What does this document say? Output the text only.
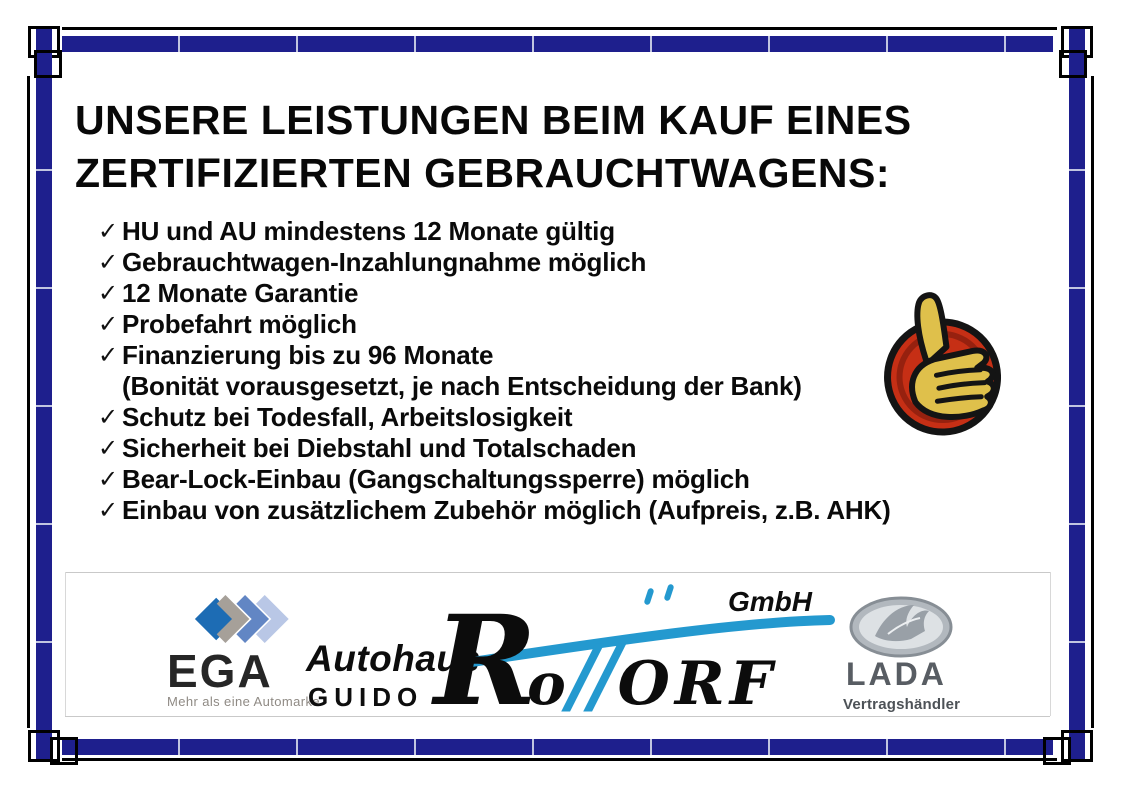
UNSERE LEISTUNGEN BEIM KAUF EINES
ZERTIFIZIERTEN GEBRAUCHTWAGENS:
✓ HU und AU mindestens 12 Monate gültig
✓ Gebrauchtwagen-Inzahlungnahme möglich
✓ 12 Monate Garantie
✓ Probefahrt möglich
✓ Finanzierung bis zu 96 Monate
(Bonität vorausgesetzt, je nach Entscheidung der Bank)
✓ Schutz bei Todesfall, Arbeitslosigkeit
✓ Sicherheit bei Diebstahl und Totalschaden
✓ Bear-Lock-Einbau (Gangschaltungssperre) möglich
✓ Einbau von zusätzlichem Zubehör möglich (Aufpreis, z.B. AHK)
EGA
Mehr als eine Automarke
Autohaus
GUIDO R
o // ORF
GmbH
LADA
Vertragshändler
